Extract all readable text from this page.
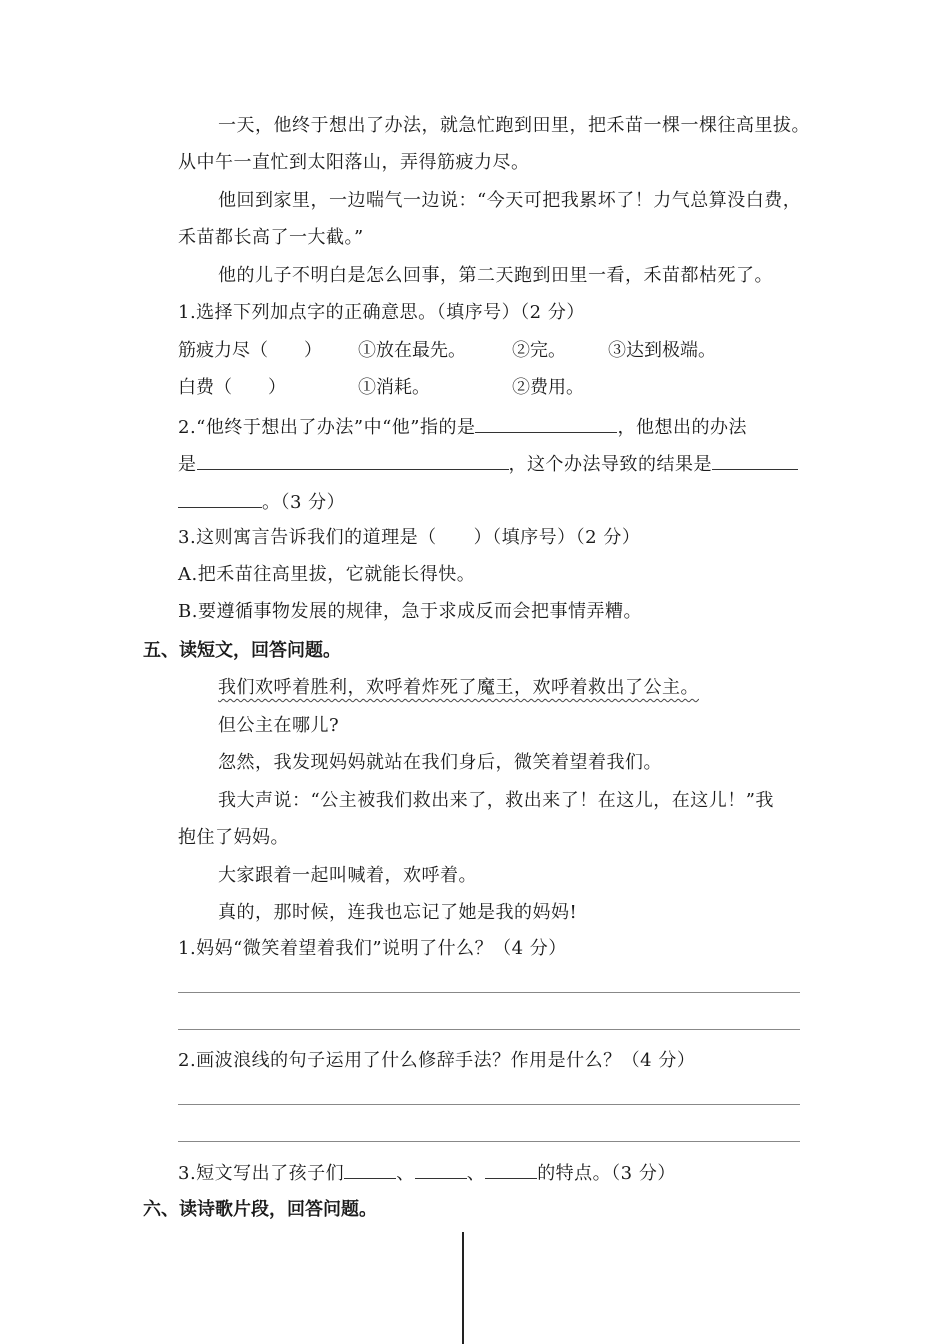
一天，他终于想出了办法，就急忙跑到田里，把禾苗一棵一棵往高里拔。
从中午一直忙到太阳落山，弄得筋疲力尽。
他回到家里，一边喘气一边说：“今天可把我累坏了！力气总算没白费，
禾苗都长高了一大截。”
他的儿子不明白是怎么回事，第二天跑到田里一看，禾苗都枯死了。
1.选择下列加点字的正确意思。（填序号）（2 分）
筋疲力尽（　　） ①放在最先。	②完。 ③达到极端。
白费（　　）	①消耗。	②费用。
2.“他终于想出了办法”中“他”指的是	，他想出的办法
是	，这个办法导致的结果是
。（3 分）
3.这则寓言告诉我们的道理是（　　）（填序号）（2 分）
A.把禾苗往高里拔，它就能长得快。
B.要遵循事物发展的规律，急于求成反而会把事情弄糟。
五、读短文，回答问题。
我们欢呼着胜利，欢呼着炸死了魔王，欢呼着救出了公主。
但公主在哪儿?
忽然，我发现妈妈就站在我们身后，微笑着望着我们。
我大声说：“公主被我们救出来了，救出来了！在这儿，在这儿！”我
抱住了妈妈。
大家跟着一起叫喊着，欢呼着。
真的，那时候，连我也忘记了她是我的妈妈!
1.妈妈“微笑着望着我们”说明了什么？（4 分）
2.画波浪线的句子运用了什么修辞手法？作用是什么？（4 分）
3.短文写出了孩子们	、	、	的特点。（3 分）
六、读诗歌片段，回答问题。
